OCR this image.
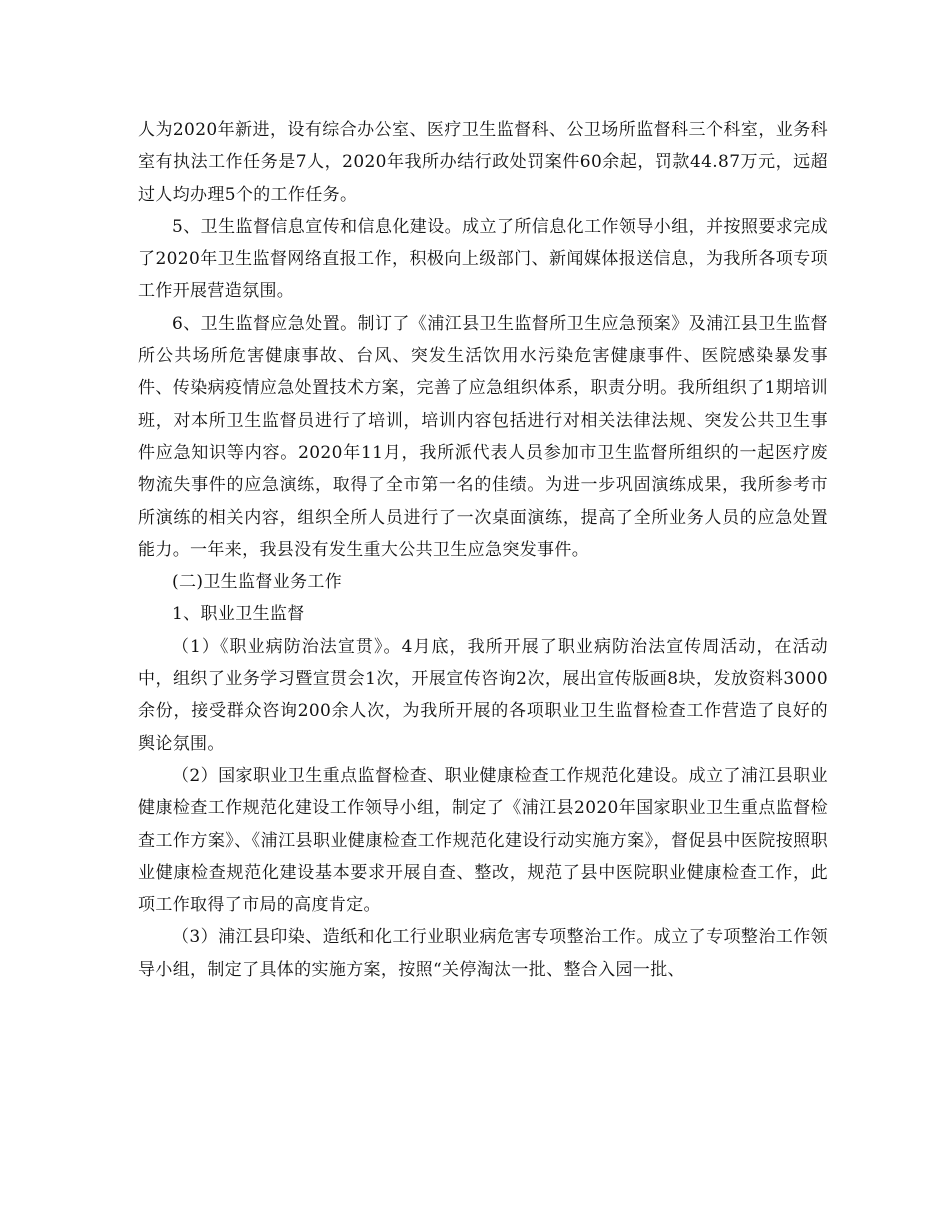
人为2020年新进，设有综合办公室、医疗卫生监督科、公卫场所监督科三个科室，业务科室有执法工作任务是7人，2020年我所办结行政处罚案件60余起，罚款44.87万元，远超过人均办理5个的工作任务。

5、卫生监督信息宣传和信息化建设。成立了所信息化工作领导小组，并按照要求完成了2020年卫生监督网络直报工作，积极向上级部门、新闻媒体报送信息，为我所各项专项工作开展营造氛围。

6、卫生监督应急处置。制订了《浦江县卫生监督所卫生应急预案》及浦江县卫生监督所公共场所危害健康事故、台风、突发生活饮用水污染危害健康事件、医院感染暴发事件、传染病疫情应急处置技术方案，完善了应急组织体系，职责分明。我所组织了1期培训班，对本所卫生监督员进行了培训，培训内容包括进行对相关法律法规、突发公共卫生事件应急知识等内容。2020年11月，我所派代表人员参加市卫生监督所组织的一起医疗废物流失事件的应急演练，取得了全市第一名的佳绩。为进一步巩固演练成果，我所参考市所演练的相关内容，组织全所人员进行了一次桌面演练，提高了全所业务人员的应急处置能力。一年来，我县没有发生重大公共卫生应急突发事件。

(二)卫生监督业务工作

1、职业卫生监督

（1）《职业病防治法宣贯》。4月底，我所开展了职业病防治法宣传周活动，在活动中，组织了业务学习暨宣贯会1次，开展宣传咨询2次，展出宣传版画8块，发放资料3000余份，接受群众咨询200余人次，为我所开展的各项职业卫生监督检查工作营造了良好的舆论氛围。

（2）国家职业卫生重点监督检查、职业健康检查工作规范化建设。成立了浦江县职业健康检查工作规范化建设工作领导小组，制定了《浦江县2020年国家职业卫生重点监督检查工作方案》、《浦江县职业健康检查工作规范化建设行动实施方案》，督促县中医院按照职业健康检查规范化建设基本要求开展自查、整改，规范了县中医院职业健康检查工作，此项工作取得了市局的高度肯定。

（3）浦江县印染、造纸和化工行业职业病危害专项整治工作。成立了专项整治工作领导小组，制定了具体的实施方案，按照“关停淘汰一批、整合入园一批、
